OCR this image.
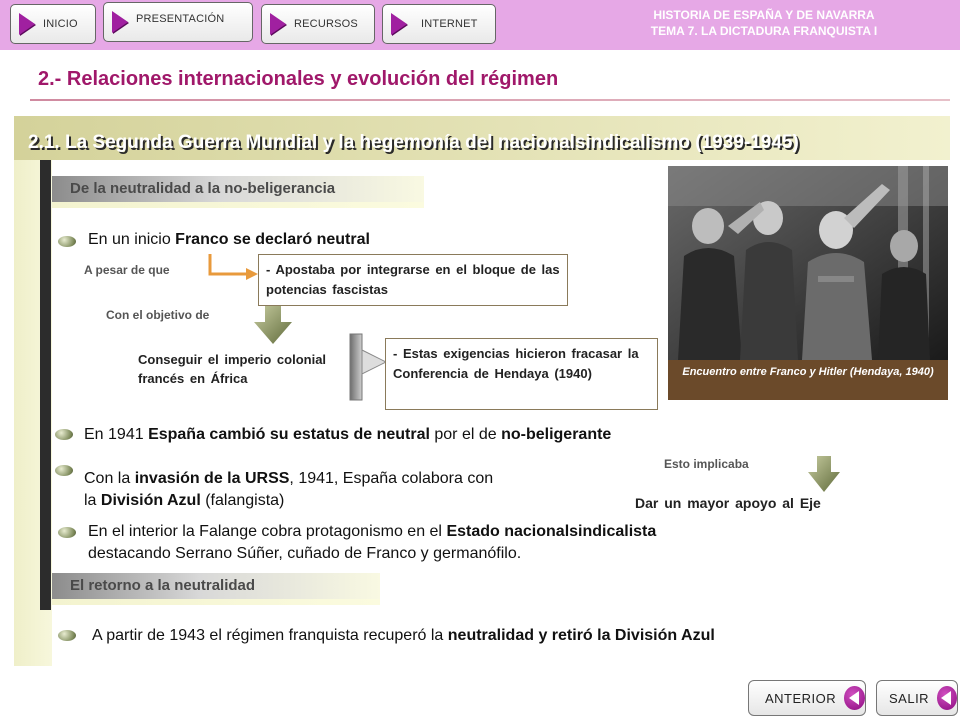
INICIO	PRESENTACIÓN	RECURSOS	INTERNET
HISTORIA DE ESPAÑA Y DE NAVARRA
TEMA 7. LA DICTADURA FRANQUISTA I
2.- Relaciones internacionales y evolución del régimen
2.1. La Segunda Guerra Mundial y la hegemonía del nacionalsindicalismo (1939-1945)
De la neutralidad a la no-beligerancia
En un inicio Franco se declaró neutral
A pesar de que	- Apostaba por integrarse en el bloque de las potencias fascistas
Con el objetivo de
Conseguir el imperio colonial francés en África
- Estas exigencias hicieron fracasar la Conferencia de Hendaya (1940)	Encuentro entre Franco y Hitler (Hendaya, 1940)
En 1941 España cambió su estatus de neutral por el de no-beligerante
Con la invasión de la URSS, 1941, España colabora con
la División Azul (falangista)
Esto implicaba
Dar un mayor apoyo al Eje
En el interior la Falange cobra protagonismo en el Estado nacionalsindicalista
destacando Serrano Súñer, cuñado de Franco y germanófilo.
El retorno a la neutralidad
A partir de 1943 el régimen franquista recuperó la neutralidad y retiró la División Azul
ANTERIOR	SALIR
